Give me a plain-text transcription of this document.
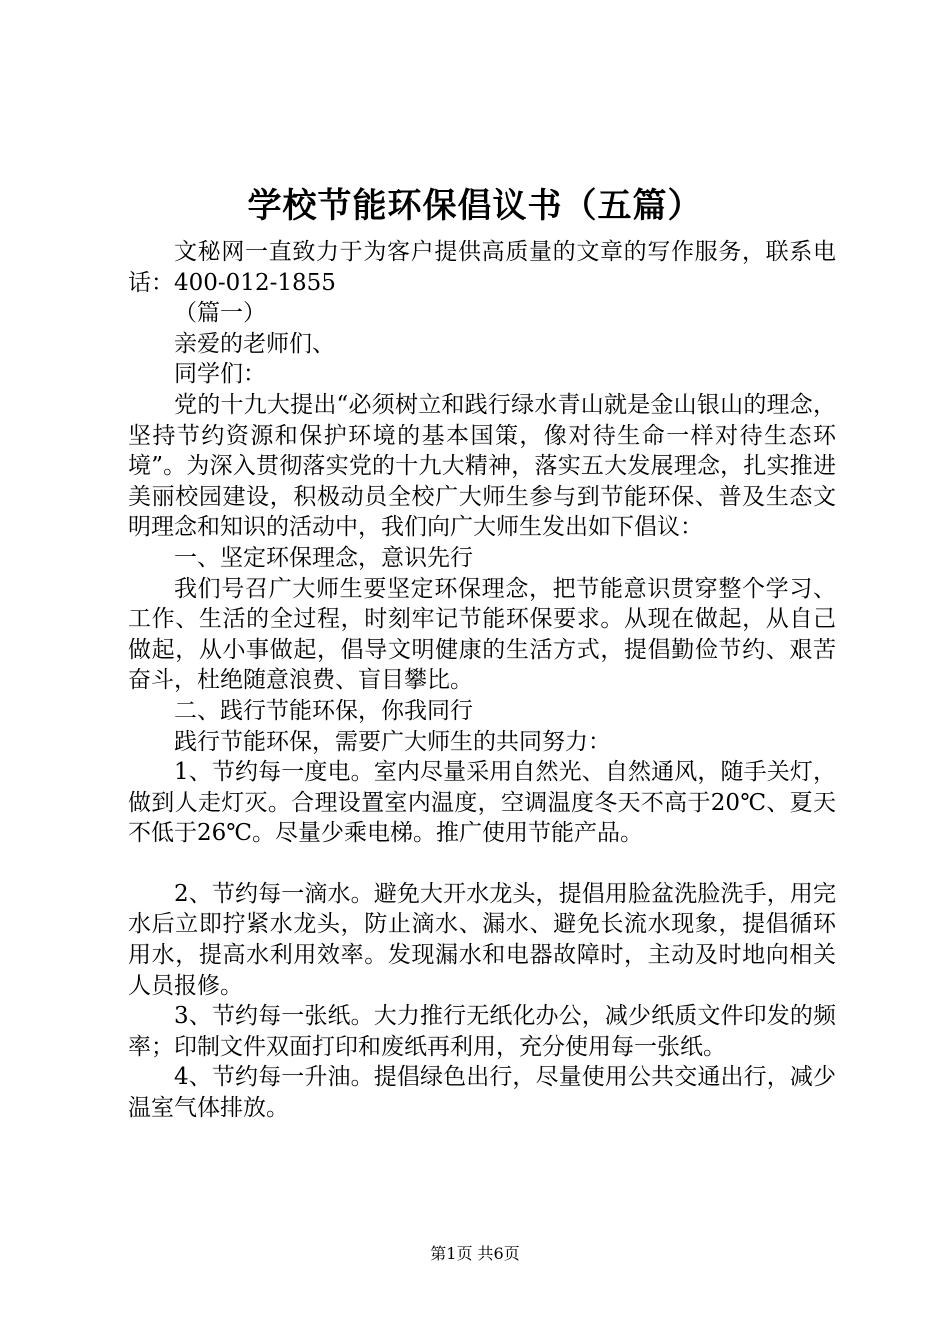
学校节能环保倡议书（五篇）

文秘网一直致力于为客户提供高质量的文章的写作服务，联系电话：400-012-1855

（篇一）

亲爱的老师们、

同学们：

党的十九大提出“必须树立和践行绿水青山就是金山银山的理念，坚持节约资源和保护环境的基本国策，像对待生命一样对待生态环境”。为深入贯彻落实党的十九大精神，落实五大发展理念，扎实推进美丽校园建设，积极动员全校广大师生参与到节能环保、普及生态文明理念和知识的活动中，我们向广大师生发出如下倡议：

一、坚定环保理念，意识先行

我们号召广大师生要坚定环保理念，把节能意识贯穿整个学习、工作、生活的全过程，时刻牢记节能环保要求。从现在做起，从自己做起，从小事做起，倡导文明健康的生活方式，提倡勤俭节约、艰苦奋斗，杜绝随意浪费、盲目攀比。

二、践行节能环保，你我同行

践行节能环保，需要广大师生的共同努力：

1、节约每一度电。室内尽量采用自然光、自然通风，随手关灯，做到人走灯灭。合理设置室内温度，空调温度冬天不高于20℃、夏天不低于26℃。尽量少乘电梯。推广使用节能产品。

2、节约每一滴水。避免大开水龙头，提倡用脸盆洗脸洗手，用完水后立即拧紧水龙头，防止滴水、漏水、避免长流水现象，提倡循环用水，提高水利用效率。发现漏水和电器故障时，主动及时地向相关人员报修。

3、节约每一张纸。大力推行无纸化办公，减少纸质文件印发的频率；印制文件双面打印和废纸再利用，充分使用每一张纸。

4、节约每一升油。提倡绿色出行，尽量使用公共交通出行，减少温室气体排放。

第1页 共6页
